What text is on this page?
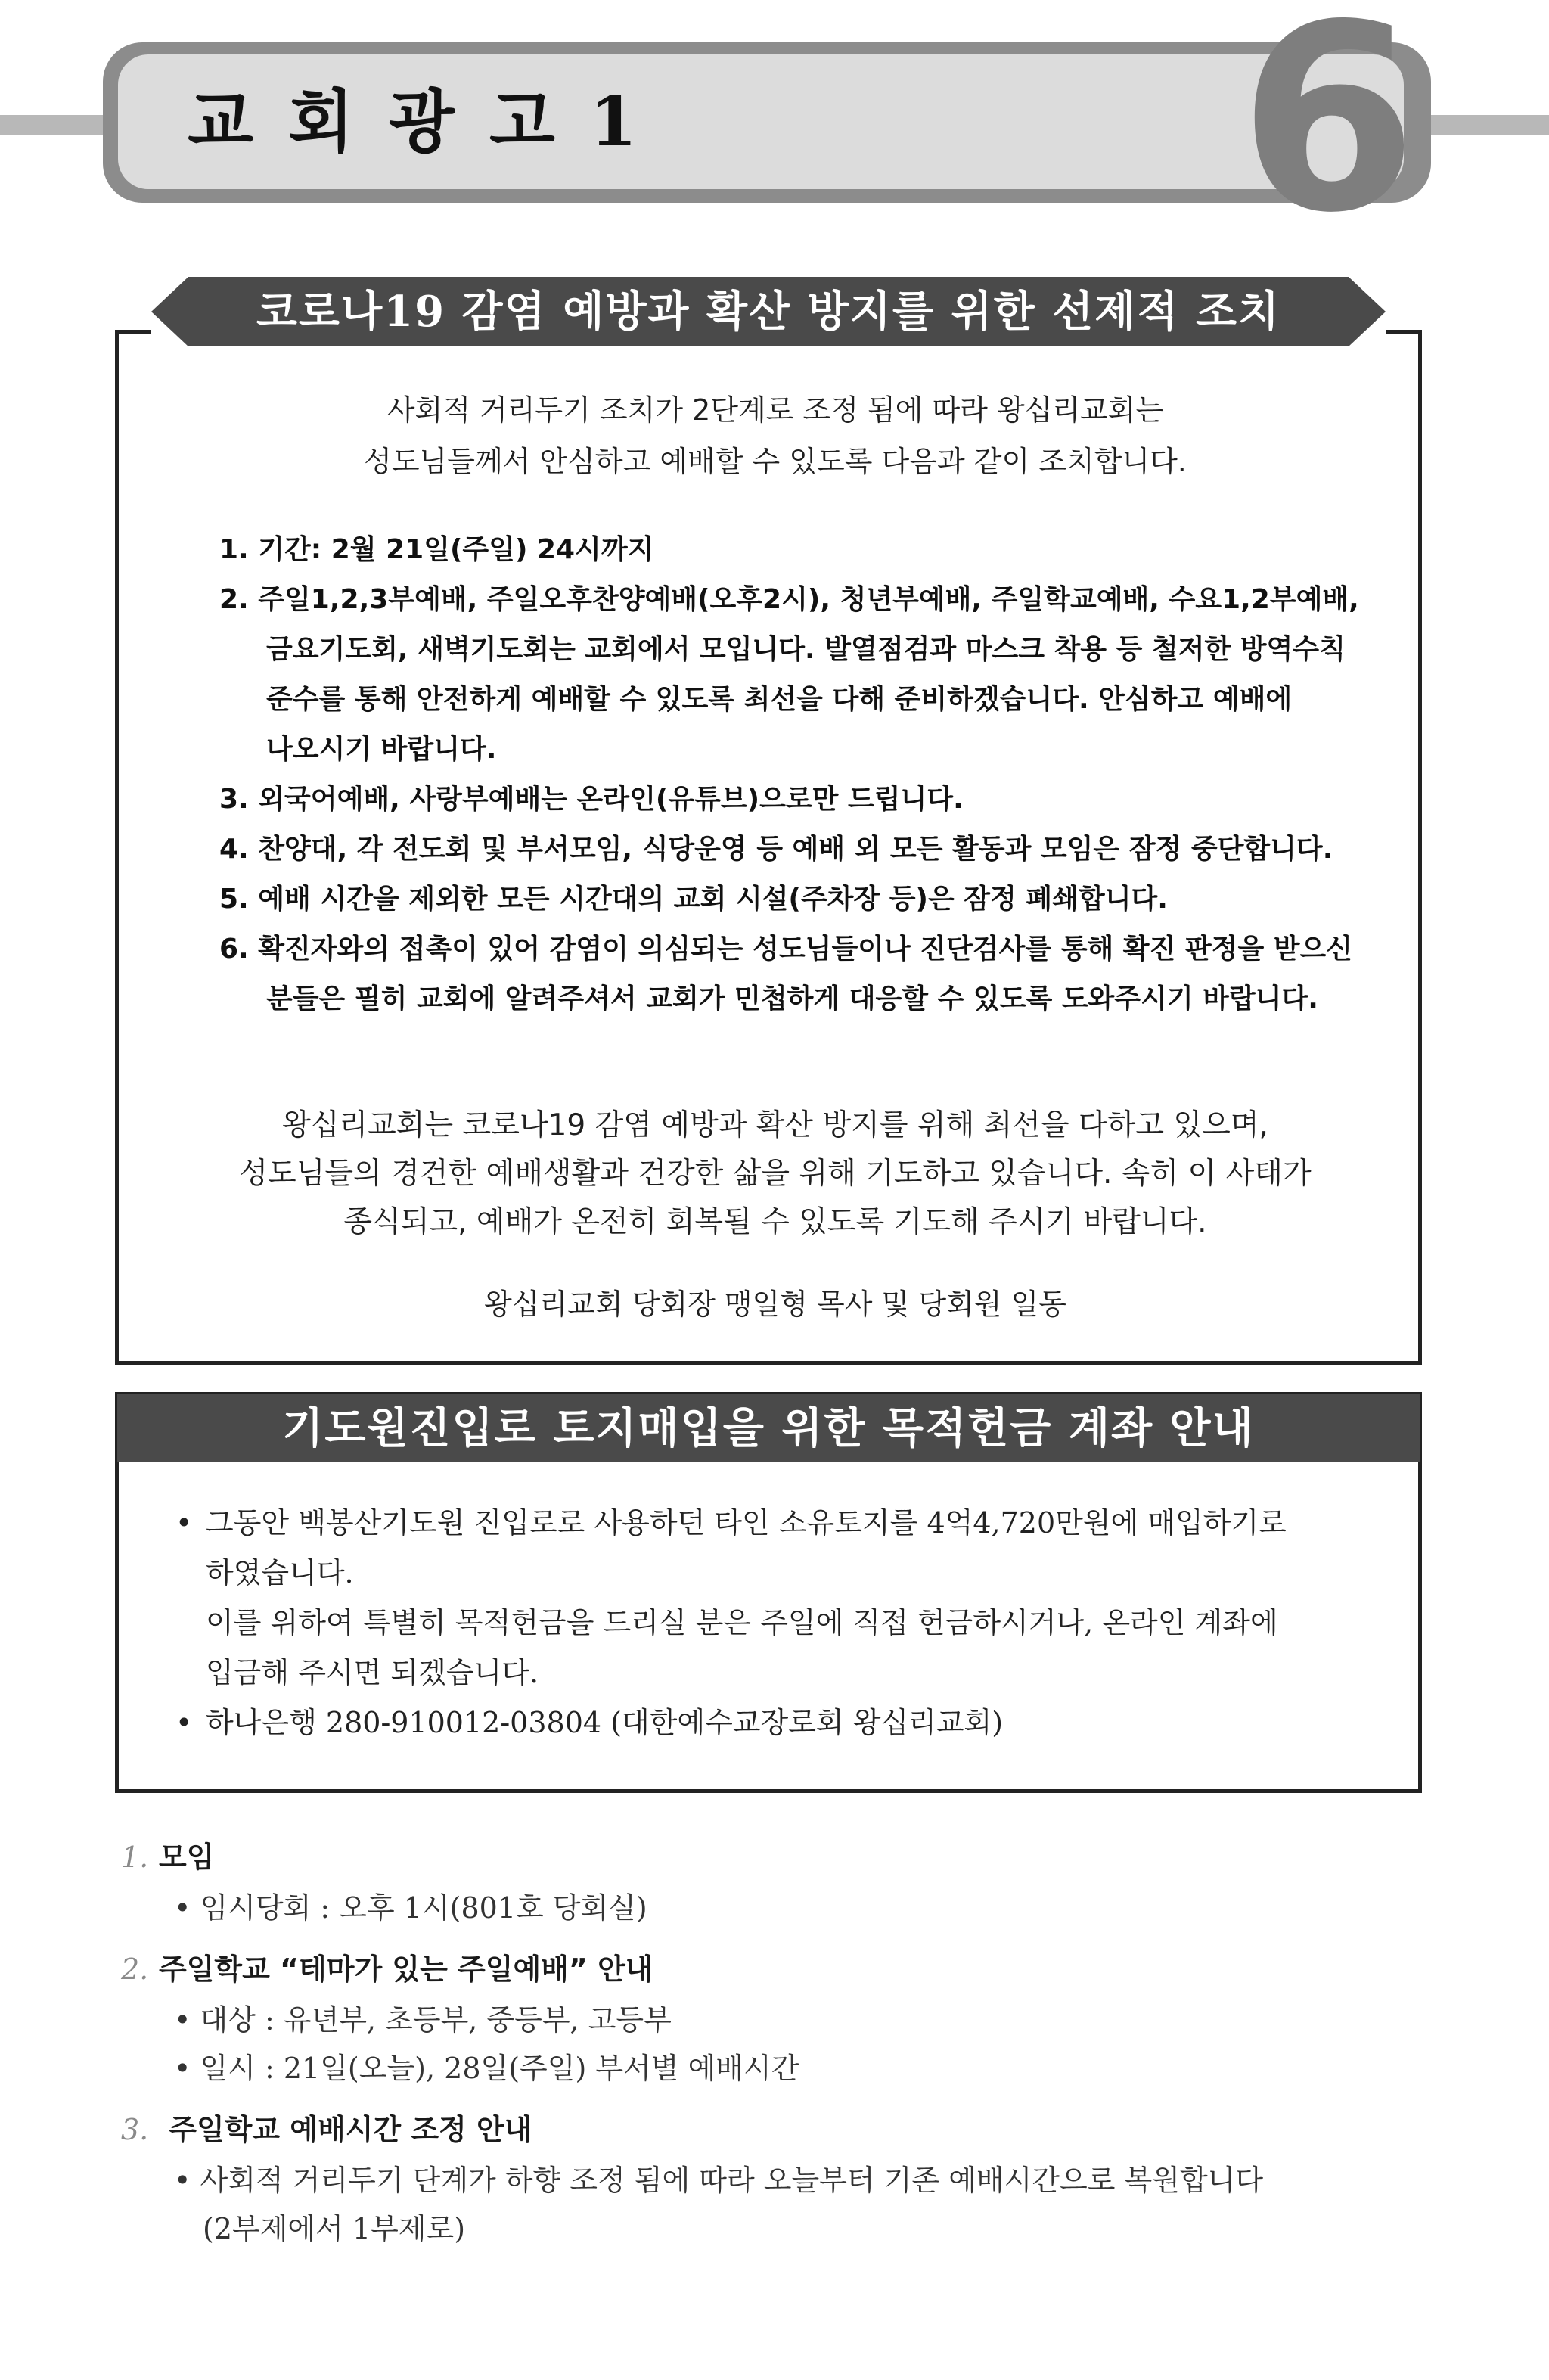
교회광고1 6
코로나19 감염 예방과 확산 방지를 위한 선제적 조치
사회적 거리두기 조치가 2단계로 조정 됨에 따라 왕십리교회는
성도님들께서 안심하고 예배할 수 있도록 다음과 같이 조치합니다.
1. 기간: 2월 21일(주일) 24시까지
2. 주일1,2,3부예배, 주일오후찬양예배(오후2시), 청년부예배, 주일학교예배, 수요1,2부예배,
금요기도회, 새벽기도회는 교회에서 모입니다. 발열점검과 마스크 착용 등 철저한 방역수칙
준수를 통해 안전하게 예배할 수 있도록 최선을 다해 준비하겠습니다. 안심하고 예배에
나오시기 바랍니다.
3. 외국어예배, 사랑부예배는 온라인(유튜브)으로만 드립니다.
4. 찬양대, 각 전도회 및 부서모임, 식당운영 등 예배 외 모든 활동과 모임은 잠정 중단합니다.
5. 예배 시간을 제외한 모든 시간대의 교회 시설(주차장 등)은 잠정 폐쇄합니다.
6. 확진자와의 접촉이 있어 감염이 의심되는 성도님들이나 진단검사를 통해 확진 판정을 받으신
분들은 필히 교회에 알려주셔서 교회가 민첩하게 대응할 수 있도록 도와주시기 바랍니다.
왕십리교회는 코로나19 감염 예방과 확산 방지를 위해 최선을 다하고 있으며,
성도님들의 경건한 예배생활과 건강한 삶을 위해 기도하고 있습니다. 속히 이 사태가
종식되고, 예배가 온전히 회복될 수 있도록 기도해 주시기 바랍니다.
왕십리교회 당회장 맹일형 목사 및 당회원 일동
기도원진입로 토지매입을 위한 목적헌금 계좌 안내
• 그동안 백봉산기도원 진입로로 사용하던 타인 소유토지를 4억4,720만원에 매입하기로
하였습니다.
이를 위하여 특별히 목적헌금을 드리실 분은 주일에 직접 헌금하시거나, 온라인 계좌에
입금해 주시면 되겠습니다.
• 하나은행 280-910012-03804 (대한예수교장로회 왕십리교회)
1. 모임
• 임시당회 : 오후 1시(801호 당회실)
2. 주일학교 “테마가 있는 주일예배” 안내
• 대상 : 유년부, 초등부, 중등부, 고등부
• 일시 : 21일(오늘), 28일(주일) 부서별 예배시간
3. 주일학교 예배시간 조정 안내
• 사회적 거리두기 단계가 하향 조정 됨에 따라 오늘부터 기존 예배시간으로 복원합니다
(2부제에서 1부제로)
